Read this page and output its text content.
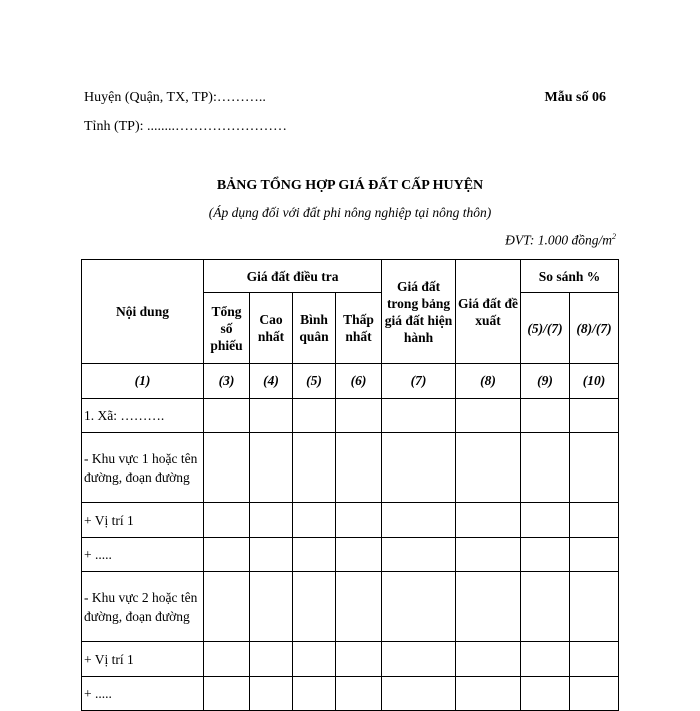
Huyện (Quận, TX, TP):………..
Tỉnh (TP): ........……………………
Mẫu số 06
BẢNG TỔNG HỢP GIÁ ĐẤT CẤP HUYỆN
(Áp dụng đối với đất phi nông nghiệp tại nông thôn)
ĐVT: 1.000 đồng/$m^2$
Nội dung	Giá đất điều tra				Giá đất trong bảng giá đất hiện hành	Giá đất đề xuất	So sánh %	
	Tổng số phiếu	Cao nhất	Bình quân	Thấp nhất			(5)/(7)	(8)/(7)
(1)	(3)	(4)	(5)	(6)	(7)	(8)	(9)	(10)
1. Xã: ……….								
- Khu vực 1 hoặc tên đường, đoạn đường								
+ Vị trí 1								
+ .....								
- Khu vực 2 hoặc tên đường, đoạn đường								
+ Vị trí 1								
+ .....								
